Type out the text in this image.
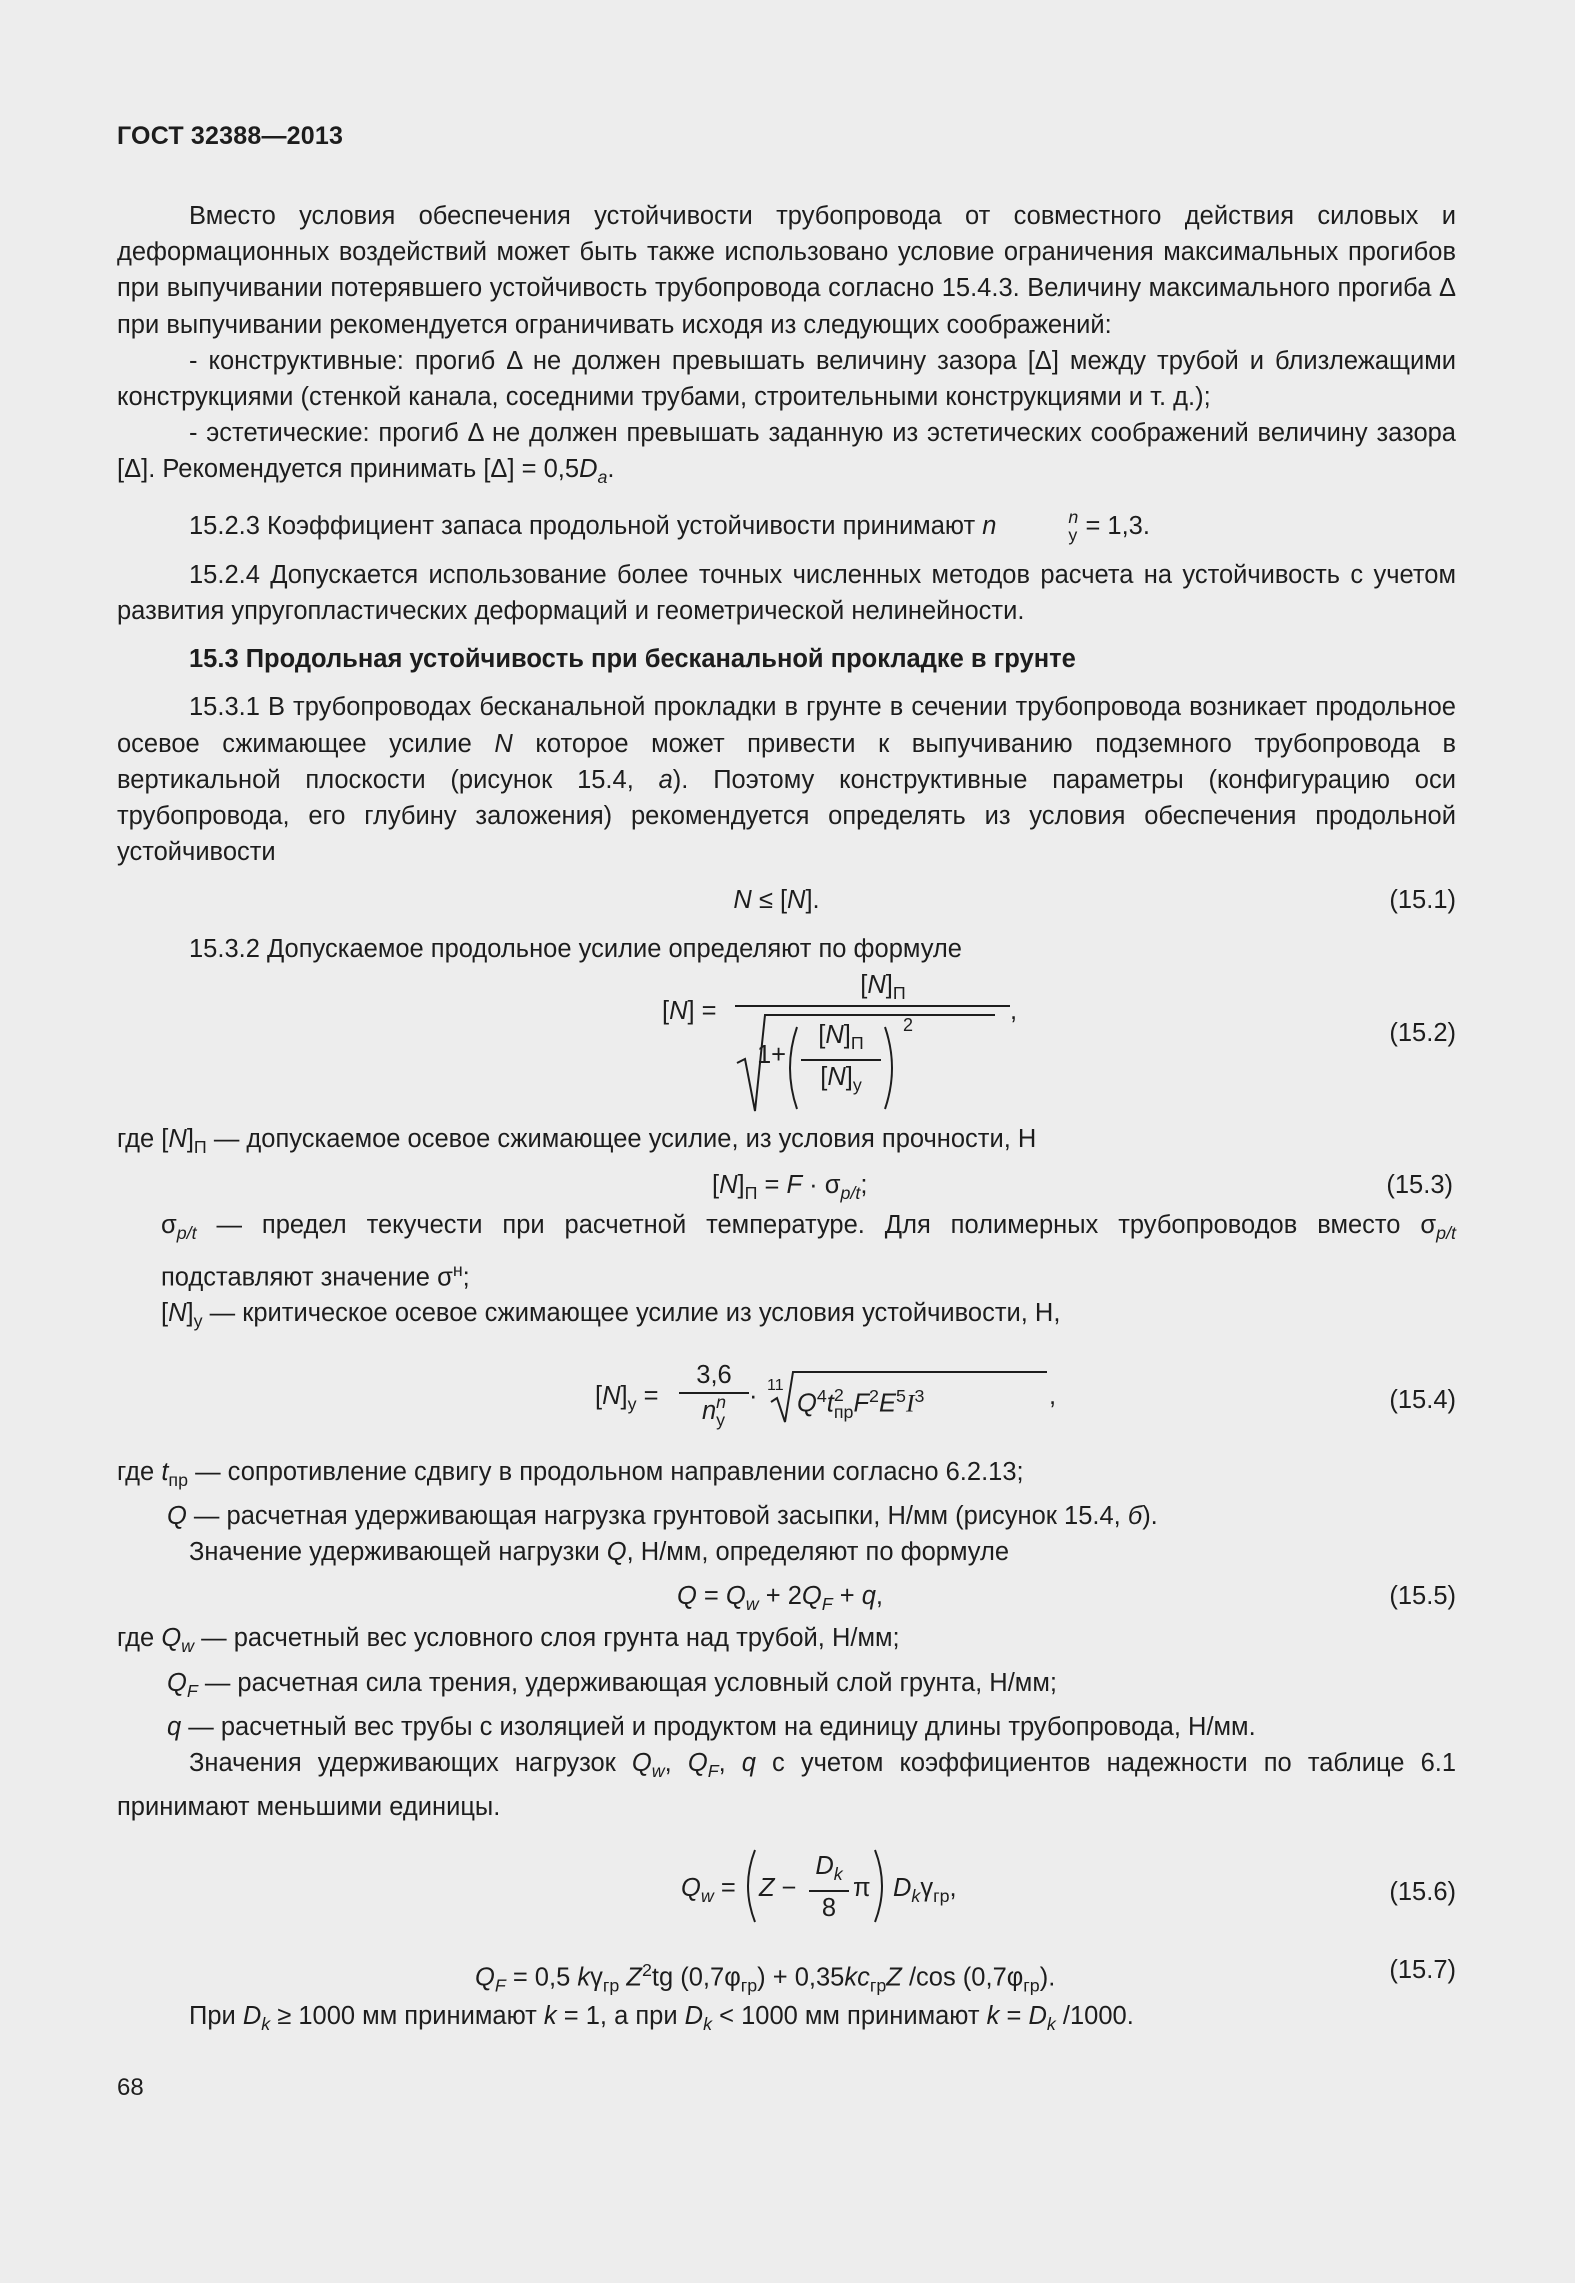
ГОСТ 32388—2013

Вместо условия обеспечения устойчивости трубопровода от совместного действия силовых и деформационных воздействий может быть также использовано условие ограничения максимальных прогибов при выпучивании потерявшего устойчивость трубопровода согласно 15.4.3. Величину максимального прогиба Δ при выпучивании рекомендуется ограничивать исходя из следующих соображений:

- конструктивные: прогиб Δ не должен превышать величину зазора [Δ] между трубой и близлежащими конструкциями (стенкой канала, соседними трубами, строительными конструкциями и т. д.);

- эстетические: прогиб Δ не должен превышать заданную из эстетических соображений величину зазора [Δ]. Рекомендуется принимать $[\Delta] = 0,5D_a$.

15.2.3 Коэффициент запаса продольной устойчивости принимают n	n
у = 1,3.

15.2.4 Допускается использование более точных численных методов расчета на устойчивость с учетом развития упругопластических деформаций и геометрической нелинейности.

15.3 Продольная устойчивость при бесканальной прокладке в грунте

15.3.1 В трубопроводах бесканальной прокладки в грунте в сечении трубопровода возникает продольное осевое сжимающее усилие N которое может привести к выпучиванию подземного трубопровода в вертикальной плоскости (рисунок 15.4, а). Поэтому конструктивные параметры (конфигурацию оси трубопровода, его глубину заложения) рекомендуется определять из условия обеспечения продольной устойчивости

N ≤ [N].	(15.1)

15.3.2 Допускаемое продольное усилие определяют по формуле

[N] =
$[N]_П$
,
1+
$[N]_П$
$[N]_у$
2	(15.2)

где $[N]_П$ — допускаемое осевое сжимающее усилие, из условия прочности, Н

$[N]_П = F \cdot \sigma_{p/t}$;	(15.3)

$\sigma_{p/t}$ — предел текучести при расчетной температуре. Для полимерных трубопроводов вместо $\sigma_{p/t}$ подставляют значение $\sigma^н$;

$[N]_у$ — критическое осевое сжимающее усилие из условия устойчивости, Н,

$[N]_у$ =
3,6
nn
у
· 11
$Q^4t$ 2
пр $F^2E^5I^3$	,	(15.4)

где $t_{пр}$ — сопротивление сдвигу в продольном направлении согласно 6.2.13;

Q — расчетная удерживающая нагрузка грунтовой засыпки, Н/мм (рисунок 15.4, б).

Значение удерживающей нагрузки Q, Н/мм, определяют по формуле

$Q = Q_w + 2Q_F + q$,	(15.5)

где $Q_w$ — расчетный вес условного слоя грунта над трубой, Н/мм;

$Q_F$ — расчетная сила трения, удерживающая условный слой грунта, Н/мм;

q — расчетный вес трубы с изоляцией и продуктом на единицу длины трубопровода, Н/мм.

Значения удерживающих нагрузок $Q_w$, $Q_F$, q с учетом коэффициентов надежности по таблице 6.1 принимают меньшими единицы.

$Q_w = Z - \frac{D_k}{8}$ π $D_k\gamma_{гр}$,	(15.6)
$Q_F = 0,5$ $k\gamma_{гр}$ $Z^2tg$ $(0,7\varphi_{гр}) + 0,35kc_{гр}Z$ /cos $(0,7\varphi_{гр})$.	(15.7)

При $D_k \ge 1000$ мм принимают k = 1, а при $D_k < 1000$ мм принимают $k = D_k$ /1000.

68
